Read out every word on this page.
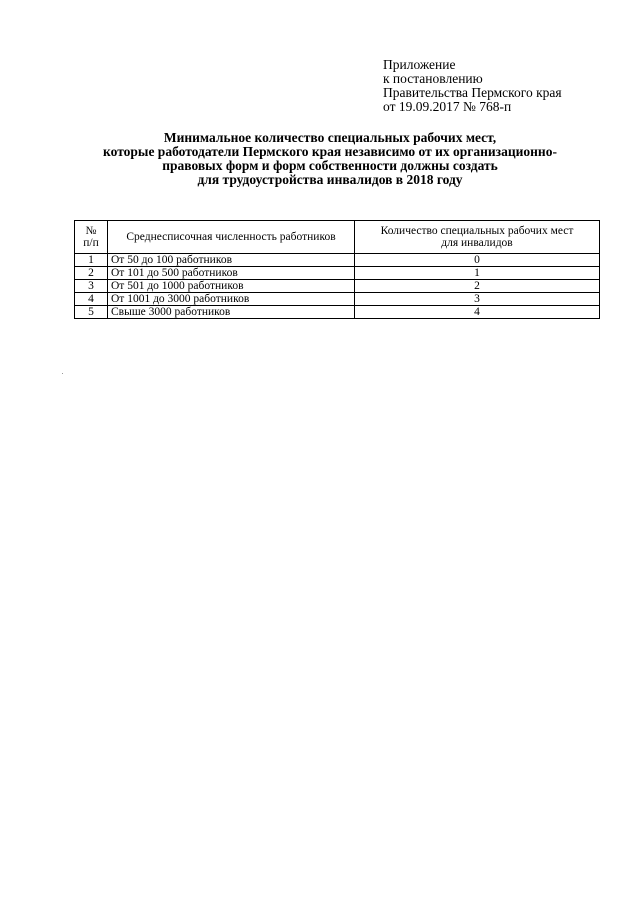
Приложение
к постановлению
Правительства Пермского края
от 19.09.2017 № 768-п
Минимальное количество специальных рабочих мест,
которые работодатели Пермского края независимо от их организационно-
правовых форм и форм собственности должны создать
для трудоустройства инвалидов в 2018 году
№
п/п	Среднесписочная численность работников	Количество специальных рабочих мест
для инвалидов
1	От 50 до 100 работников	0
2	От 101 до 500 работников	1
3	От 501 до 1000 работников	2
4	От 1001 до 3000 работников	3
5	Свыше 3000 работников	4
